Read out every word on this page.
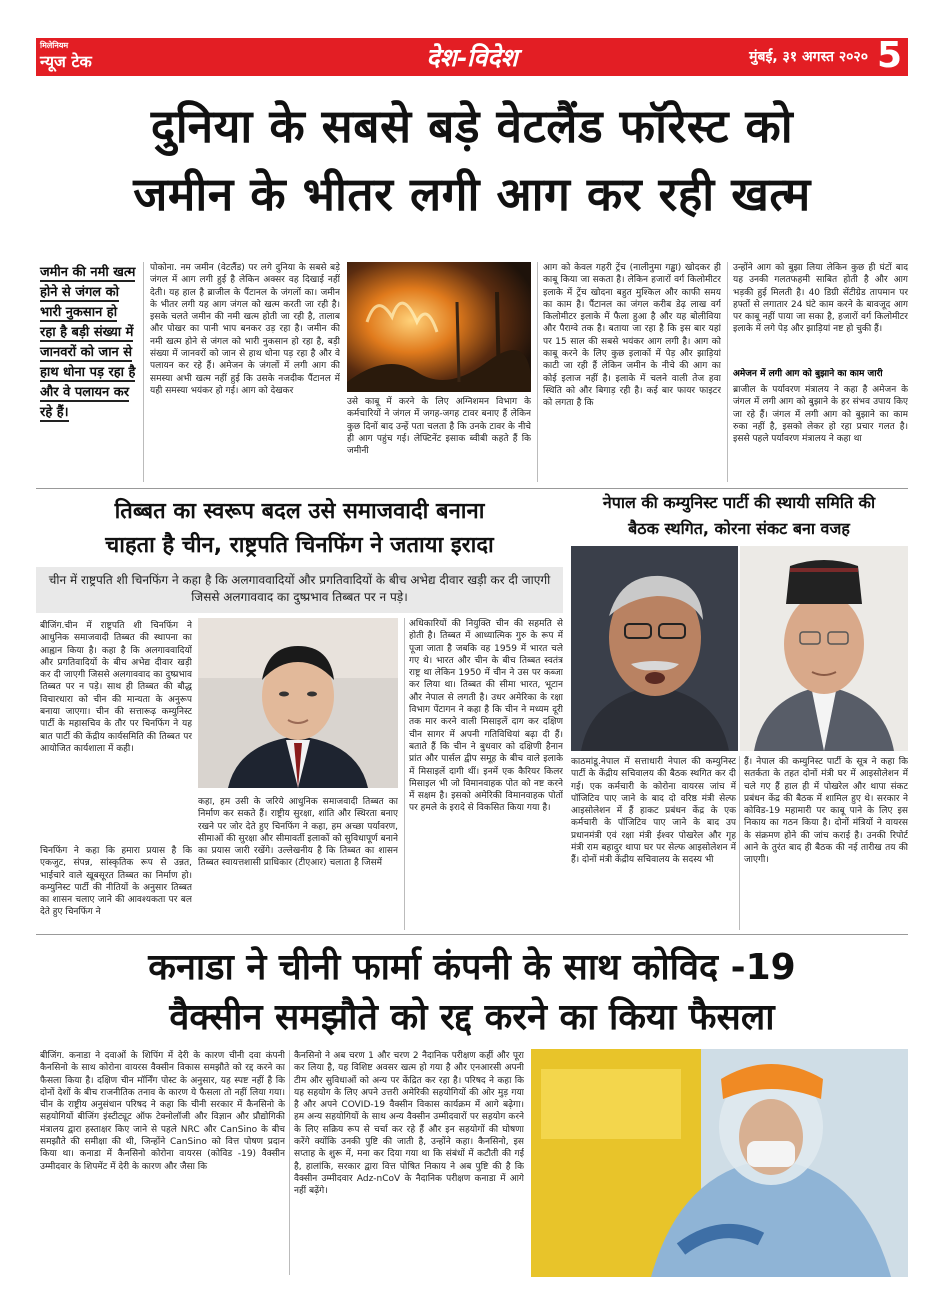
मिलेनियम
न्यूज टेक	देश-विदेश	मुंबई, ३१ अगस्त २०२० 5
दुनिया के सबसे बड़े वेटलैंड फॉरेस्ट को
जमीन के भीतर लगी आग कर रही खत्म
जमीन की नमी खत्म होने से जंगल को भारी नुकसान हो रहा है बड़ी संख्या में जानवरों को जान से हाथ धोना पड़ रहा है और वे पलायन कर रहे हैं।
पोकोना. नम जमीन (वेटलैंड) पर लगे दुनिया के सबसे बड़े जंगल में आग लगी हुई है लेकिन अक्सर वह दिखाई नहीं देती। यह हाल है ब्राजील के पैंटानल के जंगलों का। जमीन के भीतर लगी यह आग जंगल को खत्म करती जा रही है। इसके चलते जमीन की नमी खत्म होती जा रही है, तालाब और पोखर का पानी भाप बनकर उड़ रहा है। जमीन की नमी खत्म होने से जंगल को भारी नुकसान हो रहा है, बड़ी संख्या में जानवरों को जान से हाथ धोना पड़ रहा है और वे पलायन कर रहे हैं। अमेजन के जंगलों में लगी आग की समस्या अभी खत्म नहीं हुई कि उसके नजदीक पैंटानल में यही समस्या भयंकर हो गई। आग को देखकर
उसे काबू में करने के लिए अग्निशमन विभाग के कर्मचारियों ने जंगल में जगह-जगह टावर बनाए हैं लेकिन कुछ दिनों बाद उन्हें पता चलता है कि उनके टावर के नीचे ही आग पहुंच गई। लेफ्टिनेंट इसाक ब्वीबी कहते हैं कि जमीनी
आग को केवल गहरी ट्रेंच (नालीनुमा गड्ढा) खोदकर ही काबू किया जा सकता है। लेकिन हजारों वर्ग किलोमीटर इलाके में ट्रेंच खोदना बहुत मुश्किल और काफी समय का काम है। पैंटानल का जंगल करीब डेढ़ लाख वर्ग किलोमीटर इलाके में फैला हुआ है और यह बोलीविया और पैराग्वे तक है। बताया जा रहा है कि इस बार यहां पर 15 साल की सबसे भयंकर आग लगी है। आग को काबू करने के लिए कुछ इलाकों में पेड़ और झाड़ियां काटी जा रही हैं लेकिन जमीन के नीचे की आग का कोई इलाज नहीं है। इलाके में चलने वाली तेज हवा स्थिति को और बिगाड़ रही है। कई बार फायर फाइटर को लगता है कि
उन्होंने आग को बुझा लिया लेकिन कुछ ही घंटों बाद यह उनकी गलतफहमी साबित होती है और आग भड़की हुई मिलती है। 40 डिग्री सेंटीग्रेड तापमान पर हफ्तों से लगातार 24 घंटे काम करने के बावजूद आग पर काबू नहीं पाया जा सका है, हजारों वर्ग किलोमीटर इलाके में लगे पेड़ और झाड़ियां नष्ट हो चुकी हैं।
अमेजन में लगी आग को बुझाने का काम जारी
ब्राजील के पर्यावरण मंत्रालय ने कहा है अमेजन के जंगल में लगी आग को बुझाने के हर संभव उपाय किए जा रहे हैं। जंगल में लगी आग को बुझाने का काम रुका नहीं है, इसको लेकर हो रहा प्रचार गलत है। इससे पहले पर्यावरण मंत्रालय ने कहा था
तिब्बत का स्वरूप बदल उसे समाजवादी बनाना
चाहता है चीन, राष्ट्रपति चिनफिंग ने जताया इरादा
चीन में राष्ट्रपति शी चिनफिंग ने कहा है कि अलगाववादियों और प्रगतिवादियों के बीच अभेद्य दीवार खड़ी कर दी जाएगी जिससे अलगाववाद का दुष्प्रभाव तिब्बत पर न पड़े।
बीजिंग.चीन में राष्ट्रपति शी चिनफिंग ने आधुनिक समाजवादी तिब्बत की स्थापना का आह्वान किया है। कहा है कि अलगाववादियों और प्रगतिवादियों के बीच अभेद्य दीवार खड़ी कर दी जाएगी जिससे अलगाववाद का दुष्प्रभाव तिब्बत पर न पड़े। साथ ही तिब्बत की बौद्ध विचारधारा को चीन की मान्यता के अनुरूप बनाया जाएगा। चीन की सत्तारूढ़ कम्युनिस्ट पार्टी के महासचिव के तौर पर चिनफिंग ने यह बात पार्टी की केंद्रीय कार्यसमिति की तिब्बत पर आयोजित कार्यशाला में कही।
चिनफिंग ने कहा कि हमारा प्रयास है कि एकजुट, संपन्न, सांस्कृतिक रूप से उन्नत, भाईचारे वाले खूबसूरत तिब्बत का निर्माण हो। कम्युनिस्ट पार्टी की नीतियों के अनुसार तिब्बत का शासन चलाए जाने की आवश्यकता पर बल देते हुए चिनफिंग ने
कहा, हम उसी के जरिये आधुनिक समाजवादी तिब्बत का निर्माण कर सकते हैं। राष्ट्रीय सुरक्षा, शांति और स्थिरता बनाए रखने पर जोर देते हुए चिनफिंग ने कहा, हम अच्छा पर्यावरण, सीमाओं की सुरक्षा और सीमावर्ती इलाकों को सुविधापूर्ण बनाने का प्रयास जारी रखेंगे। उल्लेखनीय है कि तिब्बत का शासन तिब्बत स्वायत्तशासी प्राधिकार (टीएआर) चलाता है जिसमें
अधिकारियों की नियुक्ति चीन की सहमति से होती है। तिब्बत में आध्यात्मिक गुरु के रूप में पूजा जाता है जबकि वह 1959 में भारत चले गए थे। भारत और चीन के बीच तिब्बत स्वतंत्र राष्ट्र था लेकिन 1950 में चीन ने उस पर कब्जा कर लिया था। तिब्बत की सीमा भारत, भूटान और नेपाल से लगती है। उधर अमेरिका के रक्षा विभाग पेंटागन ने कहा है कि चीन ने मध्यम दूरी तक मार करने वाली मिसाइलें दाग कर दक्षिण चीन सागर में अपनी गतिविधियां बढ़ा दी हैं। बताते हैं कि चीन ने बुधवार को दक्षिणी हैनान प्रांत और पार्सल द्वीप समूह के बीच वाले इलाके में मिसाइलें दागी थीं। इनमें एक कैरियर किलर मिसाइल भी जो विमानवाहक पोत को नष्ट करने में सक्षम है। इसको अमेरिकी विमानवाहक पोतों पर हमले के इरादे से विकसित किया गया है।
नेपाल की कम्युनिस्ट पार्टी की स्थायी समिति की
बैठक स्थगित, कोरना संकट बना वजह
काठमांडू.नेपाल में सत्ताधारी नेपाल की कम्युनिस्ट पार्टी के केंद्रीय सचिवालय की बैठक स्थगित कर दी गई। एक कर्मचारी के कोरोना वायरस जांच में पॉजिटिव पाए जाने के बाद दो वरिष्ठ मंत्री सेल्फ आइसोलेशन में हैं हाकट प्रबंधन केंद्र के एक कर्मचारी के पॉजिटिव पाए जाने के बाद उप प्रधानमंत्री एवं रक्षा मंत्री ईश्वर पोखरेल और गृह मंत्री राम बहादुर थापा घर पर सेल्फ आइसोलेशन में हैं। दोनों मंत्री केंद्रीय सचिवालय के सदस्य भी
हैं। नेपाल की कम्युनिस्ट पार्टी के सूत्र ने कहा कि सतर्कता के तहत दोनों मंत्री घर में आइसोलेशन में चले गए हैं हाल ही में पोखरेल और थापा संकट प्रबंधन केंद्र की बैठक में शामिल हुए थे। सरकार ने कोविड-19 महामारी पर काबू पाने के लिए इस निकाय का गठन किया है। दोनों मंत्रियों ने वायरस के संक्रमण होने की जांच कराई है। उनकी रिपोर्ट आने के तुरंत बाद ही बैठक की नई तारीख तय की जाएगी।
कनाडा ने चीनी फार्मा कंपनी के साथ कोविद -19
वैक्सीन समझौते को रद्द करने का किया फैसला
बीजिंग. कनाडा ने दवाओं के शिपिंग में देरी के कारण चीनी दवा कंपनी कैनसिनो के साथ कोरोना वायरस वैक्सीन विकास समझौते को रद्द करने का फैसला किया है। दक्षिण चीन मॉर्निंग पोस्ट के अनुसार, यह स्पष्ट नहीं है कि दोनों देशों के बीच राजनीतिक तनाव के कारण ये फैसला तो नहीं लिया गया। चीन के राष्ट्रीय अनुसंधान परिषद ने कहा कि चीनी सरकार में कैनसिनो के सहयोगियों बीजिंग इंस्टीट्यूट ऑफ टेक्नोलॉजी और विज्ञान और प्रौद्योगिकी मंत्रालय द्वारा हस्ताक्षर किए जाने से पहले NRC और CanSino के बीच समझौते की समीक्षा की थी, जिन्होंने CanSino को वित्त पोषण प्रदान किया था। कनाडा में कैनसिनो कोरोना वायरस (कोविड -19) वैक्सीन उम्मीदवार के शिपमेंट में देरी के कारण और जैसा कि
कैनसिनो ने अब चरण 1 और चरण 2 नैदानिक परीक्षण कहीं और पूरा कर लिया है, यह विशिष्ट अवसर खत्म हो गया है और एनआरसी अपनी टीम और सुविधाओं को अन्य पर केंद्रित कर रहा है। परिषद ने कहा कि यह सहयोग के लिए अपने उत्तरी अमेरिकी सहयोगियों की ओर मुड़ गया है और अपने COVID-19 वैक्सीन विकास कार्यक्रम में आगे बढ़ेगा। हम अन्य सहयोगियों के साथ अन्य वैक्सीन उम्मीदवारों पर सहयोग करने के लिए सक्रिय रूप से चर्चा कर रहे हैं और इन सहयोगों की घोषणा करेंगे क्योंकि उनकी पुष्टि की जाती है, उन्होंने कहा। कैनसिनो, इस सप्ताह के शुरू में, मना कर दिया गया था कि संबंधों में कटौती की गई है, हालांकि, सरकार द्वारा वित्त पोषित निकाय ने अब पुष्टि की है कि वैक्सीन उम्मीदवार Adz-nCoV के नैदानिक परीक्षण कनाडा में आगे नहीं बढ़ेंगे।
